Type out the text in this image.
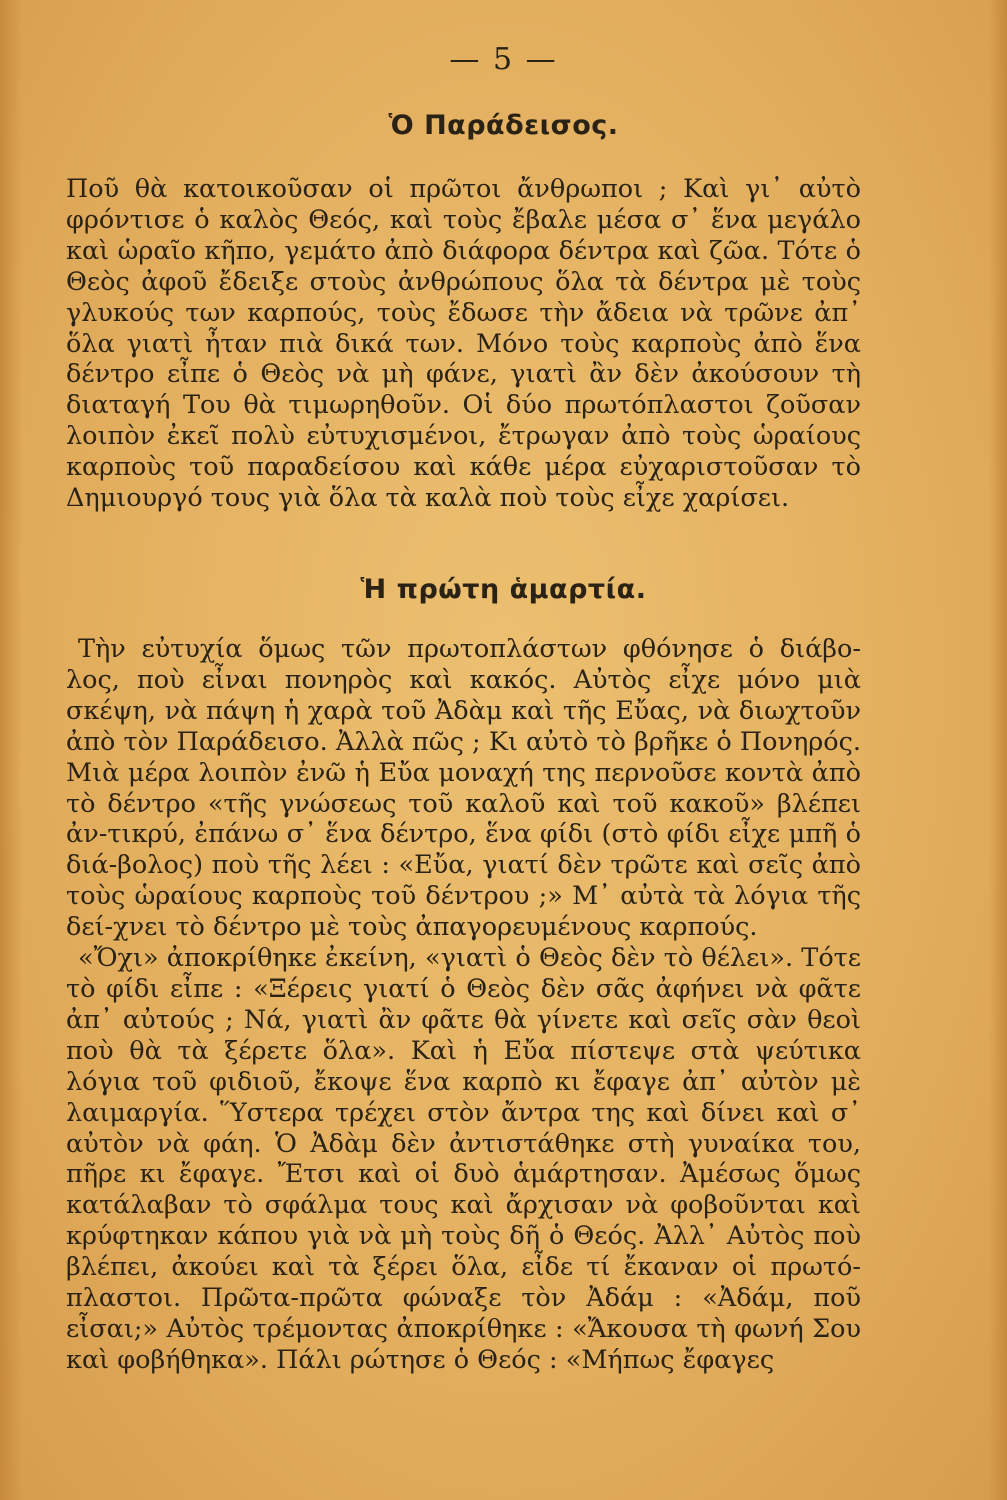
— 5 —
Ὁ Παράδεισος.
Ποῦ θὰ κατοικοῦσαν οἱ πρῶτοι ἄνθρωποι ; Καὶ γι᾽ αὐτὸ φρόντισε ὁ καλὸς Θεός, καὶ τοὺς ἔβαλε μέσα σ᾽ ἕνα μεγάλο καὶ ὡραῖο κῆπο, γεμάτο ἀπὸ διάφορα δέντρα καὶ ζῶα. Τότε ὁ Θεὸς ἀφοῦ ἔδειξε στοὺς ἀνθρώπους ὅλα τὰ δέντρα μὲ τοὺς γλυκούς των καρπούς, τοὺς ἔδωσε τὴν ἄδεια νὰ τρῶνε ἀπ᾽ ὅλα γιατὶ ἦταν πιὰ δικά των. Μόνο τοὺς καρποὺς ἀπὸ ἕνα δέντρο εἶπε ὁ Θεὸς νὰ μὴ φάνε, γιατὶ ἂν δὲν ἀκούσουν τὴ διαταγή Του θὰ τιμωρηθοῦν. Οἱ δύο πρωτόπλαστοι ζοῦσαν λοιπὸν ἐκεῖ πολὺ εὐτυχισμένοι, ἔτρωγαν ἀπὸ τοὺς ὡραίους καρποὺς τοῦ παραδείσου καὶ κάθε μέρα εὐχαριστοῦσαν τὸ Δημιουργό τους γιὰ ὅλα τὰ καλὰ ποὺ τοὺς εἶχε χαρίσει.
Ἡ πρώτη ἁμαρτία.
Τὴν εὐτυχία ὅμως τῶν πρωτοπλάστων φθόνησε ὁ διάβο-λος, ποὺ εἶναι πονηρὸς καὶ κακός. Αὐτὸς εἶχε μόνο μιὰ σκέψη, νὰ πάψη ἡ χαρὰ τοῦ Ἀδὰμ καὶ τῆς Εὔας, νὰ διωχτοῦν ἀπὸ τὸν Παράδεισο. Ἀλλὰ πῶς ; Κι αὐτὸ τὸ βρῆκε ὁ Πονηρός. Μιὰ μέρα λοιπὸν ἐνῶ ἡ Εὔα μοναχή της περνοῦσε κοντὰ ἀπὸ τὸ δέντρο «τῆς γνώσεως τοῦ καλοῦ καὶ τοῦ κακοῦ» βλέπει ἀν-τικρύ, ἐπάνω σ᾽ ἕνα δέντρο, ἕνα φίδι (στὸ φίδι εἶχε μπῆ ὁ διά-βολος) ποὺ τῆς λέει : «Εὔα, γιατί δὲν τρῶτε καὶ σεῖς ἀπὸ τοὺς ὡραίους καρποὺς τοῦ δέντρου ;» Μ᾽ αὐτὰ τὰ λόγια τῆς δεί-χνει τὸ δέντρο μὲ τοὺς ἀπαγορευμένους καρπούς.
«Ὄχι» ἀποκρίθηκε ἐκείνη, «γιατὶ ὁ Θεὸς δὲν τὸ θέλει». Τότε τὸ φίδι εἶπε : «Ξέρεις γιατί ὁ Θεὸς δὲν σᾶς ἀφήνει νὰ φᾶτε ἀπ᾽ αὐτούς ; Νά, γιατὶ ἂν φᾶτε θὰ γίνετε καὶ σεῖς σὰν θεοὶ ποὺ θὰ τὰ ξέρετε ὅλα». Καὶ ἡ Εὔα πίστεψε στὰ ψεύτικα λόγια τοῦ φιδιοῦ, ἔκοψε ἕνα καρπὸ κι ἔφαγε ἀπ᾽ αὐτὸν μὲ λαιμαργία. Ὕστερα τρέχει στὸν ἄντρα της καὶ δίνει καὶ σ᾽ αὐτὸν νὰ φάη. Ὁ Ἀδὰμ δὲν ἀντιστάθηκε στὴ γυναίκα του, πῆρε κι ἔφαγε. Ἔτσι καὶ οἱ δυὸ ἁμάρτησαν. Ἀμέσως ὅμως κατάλαβαν τὸ σφάλμα τους καὶ ἄρχισαν νὰ φοβοῦνται καὶ κρύφτηκαν κάπου γιὰ νὰ μὴ τοὺς δῆ ὁ Θεός. Ἀλλ᾽ Αὐτὸς ποὺ βλέπει, ἀκούει καὶ τὰ ξέρει ὅλα, εἶδε τί ἔκαναν οἱ πρωτό-πλαστοι. Πρῶτα-πρῶτα φώναξε τὸν Ἀδάμ : «Ἀδάμ, ποῦ εἶσαι;» Αὐτὸς τρέμοντας ἀποκρίθηκε : «Ἄκουσα τὴ φωνή Σου καὶ φοβήθηκα». Πάλι ρώτησε ὁ Θεός : «Μήπως ἔφαγες
